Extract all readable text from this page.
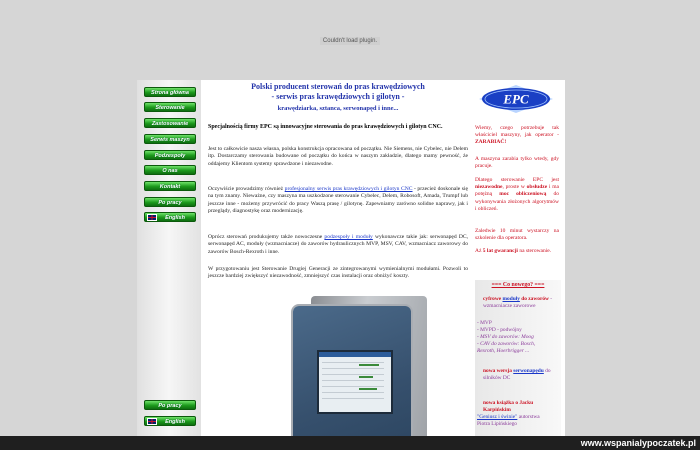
Couldn't load plugin.
Strona główna
Sterowanie
Zastosowanie
Serwis maszyn
Podzespoły
O nas
Kontakt
Po pracy
English
Po pracy
English
Polski producent sterowań do pras krawędziowych
- serwis pras krawędziowych i gilotyn -
krawędziarka, sztanca, serwonapęd i inne...
Specjalnością firmy EPC są innowacyjne sterowania do pras krawędziowych i gilotyn CNC.
Jest to całkowicie nasza własna, polska konstrukcja opracowana od początku. Nie Siemens, nie Cybelec, nie Delem itp. Dostarczamy sterowania budowane od początku do końca w naszym zakładzie, dlatego mamy pewność, że oddajemy Klientom systemy sprawdzone i niezawodne.
Oczywiście prowadzimy również profesjonalny serwis pras krawędziowych i gilotyn CNC - przecież doskonale się na tym znamy. Nieważne, czy maszyna ma uszkodzone sterowanie Cybelec, Delem, Robosoft, Amada, Trumpf lub jeszcze inne - możemy przywrócić do pracy Waszą prasę / gilotynę. Zapewniamy zarówno solidne naprawy, jak i przeglądy, diagnostykę oraz modernizację.
Oprócz sterowań produkujemy także nowoczesne podzespoły i moduły wykonawcze takie jak: serwonapęd DC, serwonapęd AC, moduły (wzmacniacze) do zaworów hydraulicznych MVP, MSV, CAV, wzmacniacz zaworowy do zaworów Bosch-Rexroth i inne.
W przygotowaniu jest Sterowanie Drugiej Generacji ze zintegrowanymi wymienialnymi modułami. Pozwoli to jeszcze bardziej zwiększyć niezawodność, zmniejszyć czas instalacji oraz obniżyć koszty.
EPC
Wiemy, czego potrzebuje tak właściciel maszyny, jak operator - ZARABIAĆ!
A maszyna zarabia tylko wtedy, gdy pracuje.
Dlatego sterowanie EPC jest niezawodne, proste w obsłudze i ma potężną moc obliczeniową do wykonywania złożonych algorytmów i obliczeń.
Zaledwie 10 minut wystarczy na szkolenie dla operatora.
Aż 5 lat gwarancji na sterowanie.
=== Co nowego? ===
cyfrowe moduły do zaworów - wzmacniacze zaworowe
- MVP
- MVPD - podwójny
- MSV do zaworów: Moog
- CAV do zaworów: Bosch, Rexroth, Hoerbrigger ...
nowa wersja serwonapędu do silników DC
nowa książka o Jacku Karpińskim
"Geniusz i świnie" autorstwa Piotra Lipińskiego
www.wspanialypoczatek.pl
